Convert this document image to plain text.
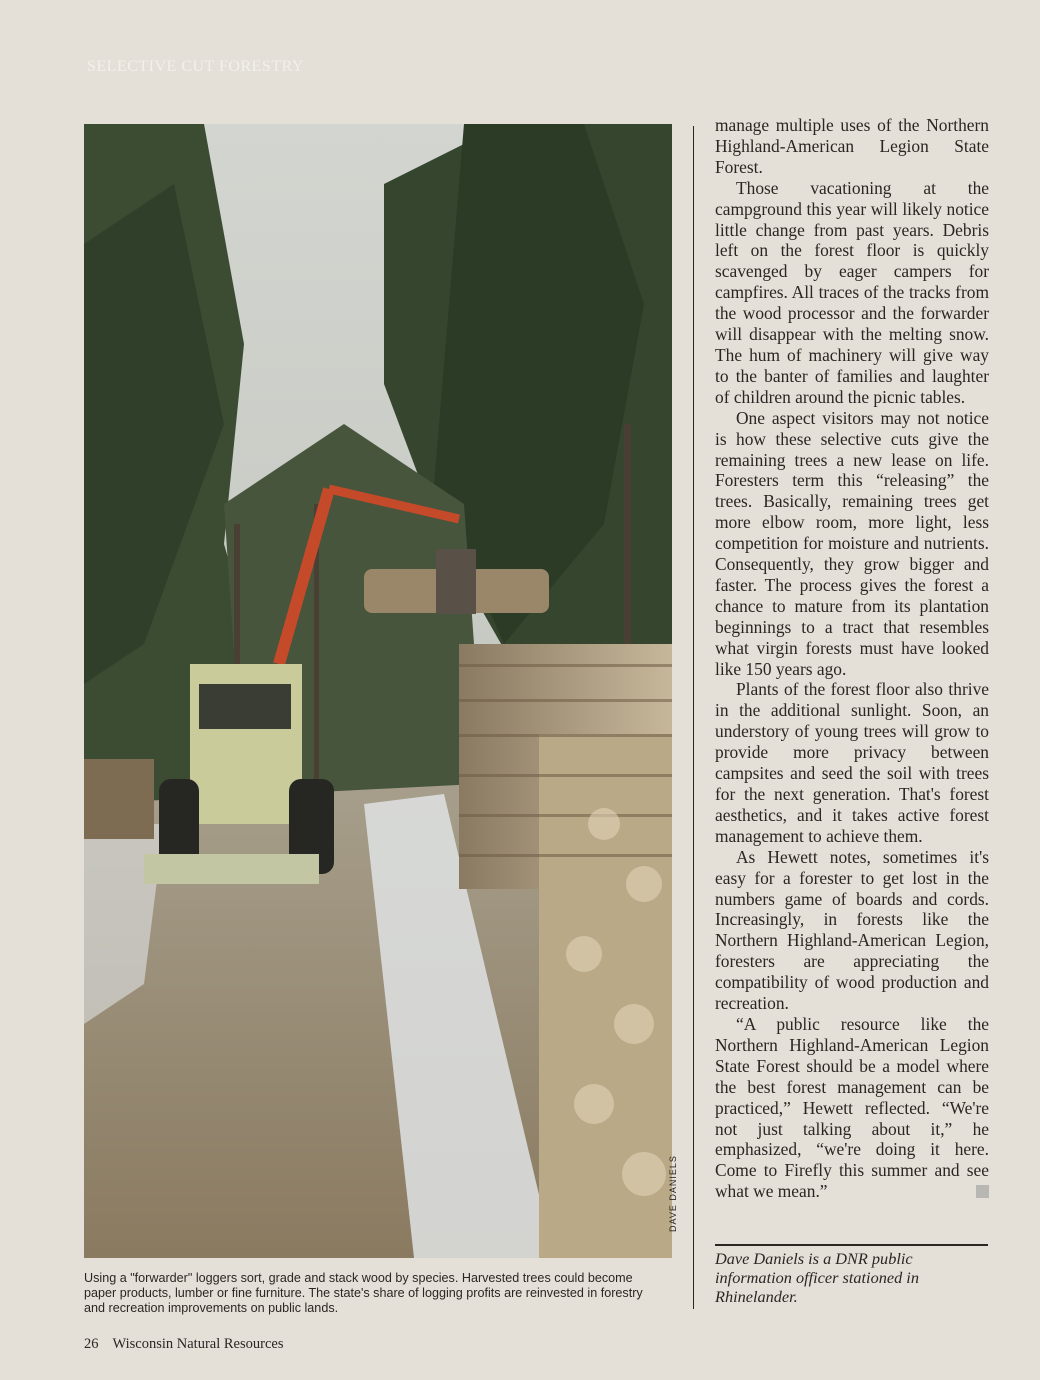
SELECTIVE CUT FORESTRY
DAVE DANIELS

manage multiple uses of the Northern Highland-American Legion State Forest.

Those vacationing at the campground this year will likely notice little change from past years. Debris left on the forest floor is quickly scavenged by eager campers for campfires. All traces of the tracks from the wood processor and the forwarder will disappear with the melting snow. The hum of machinery will give way to the banter of families and laughter of children around the picnic tables.

One aspect visitors may not notice is how these selective cuts give the remaining trees a new lease on life. Foresters term this “releasing” the trees. Basically, remaining trees get more elbow room, more light, less competition for moisture and nutrients. Consequently, they grow bigger and faster. The process gives the forest a chance to mature from its plantation beginnings to a tract that resembles what virgin forests must have looked like 150 years ago.

Plants of the forest floor also thrive in the additional sunlight. Soon, an understory of young trees will grow to provide more privacy between campsites and seed the soil with trees for the next generation. That's forest aesthetics, and it takes active forest management to achieve them.

As Hewett notes, sometimes it's easy for a forester to get lost in the numbers game of boards and cords. Increasingly, in forests like the Northern Highland-American Legion, foresters are appreciating the compatibility of wood production and recreation.

“A public resource like the Northern Highland-American Legion State Forest should be a model where the best forest management can be practiced,” Hewett reflected. “We're not just talking about it,” he emphasized, “we're doing it here. Come to Firefly this summer and see what we mean.”

Dave Daniels is a DNR public information officer stationed in Rhinelander.
Using a "forwarder" loggers sort, grade and stack wood by species. Harvested trees could become paper products, lumber or fine furniture. The state's share of logging profits are reinvested in forestry and recreation improvements on public lands.
26 Wisconsin Natural Resources
